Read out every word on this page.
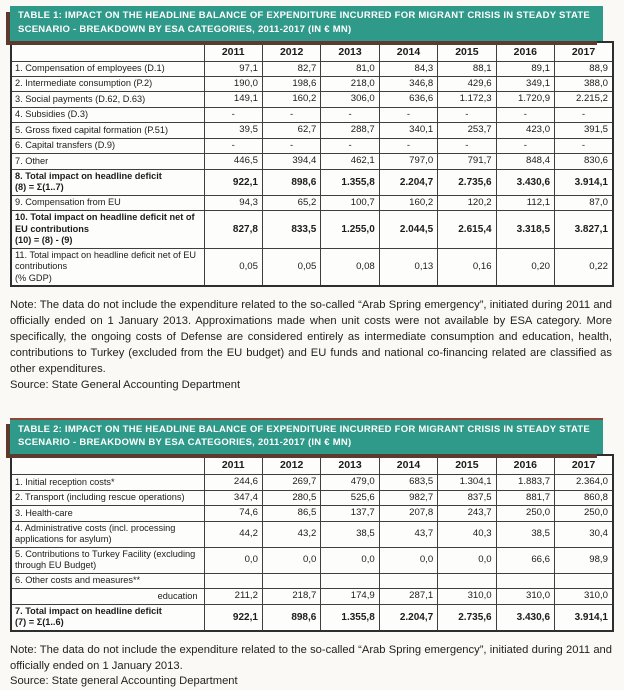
TABLE 1: IMPACT ON THE HEADLINE BALANCE OF EXPENDITURE INCURRED FOR MIGRANT CRISIS IN STEADY STATE SCENARIO - BREAKDOWN BY ESA CATEGORIES, 2011-2017 (IN € MN)
	2011	2012	2013	2014	2015	2016	2017

1. Compensation of employees (D.1)	97,1	82,7	81,0	84,3	88,1	89,1	88,9

2. Intermediate consumption (P.2)	190,0	198,6	218,0	346,8	429,6	349,1	388,0

3. Social payments (D.62, D.63)	149,1	160,2	306,0	636,6	1.172,3	1.720,9	2.215,2

4. Subsidies (D.3)	-	-	-	-	-	-	-

5. Gross fixed capital formation (P.51)	39,5	62,7	288,7	340,1	253,7	423,0	391,5

6. Capital transfers (D.9)	-	-	-	-	-	-	-

7. Other	446,5	394,4	462,1	797,0	791,7	848,4	830,6

8. Total impact on headline deficit
(8) = Σ(1..7)	922,1	898,6	1.355,8	2.204,7	2.735,6	3.430,6	3.914,1

9. Compensation from EU	94,3	65,2	100,7	160,2	120,2	112,1	87,0

10. Total impact on headline deficit net of
EU contributions
(10) = (8) - (9)	827,8	833,5	1.255,0	2.044,5	2.615,4	3.318,5	3.827,1

11. Total impact on headline deficit net of EU
contributions
(% GDP)	0,05	0,05	0,08	0,13	0,16	0,20	0,22

Note: The data do not include the expenditure related to the so-called “Arab Spring emergency”, initiated during 2011 and officially ended on 1 January 2013. Approximations made when unit costs were not available by ESA category. More specifically, the ongoing costs of Defense are considered entirely as intermediate consumption and education, health, contributions to Turkey (excluded from the EU budget) and EU funds and national co-financing related are classified as other expenditures.

Source: State General Accounting Department

TABLE 2: IMPACT ON THE HEADLINE BALANCE OF EXPENDITURE INCURRED FOR MIGRANT CRISIS IN STEADY STATE SCENARIO - BREAKDOWN BY ESA CATEGORIES, 2011-2017 (IN € MN)
	2011	2012	2013	2014	2015	2016	2017

1. Initial reception costs*	244,6	269,7	479,0	683,5	1.304,1	1.883,7	2.364,0

2. Transport (including rescue operations)	347,4	280,5	525,6	982,7	837,5	881,7	860,8

3. Health-care	74,6	86,5	137,7	207,8	243,7	250,0	250,0

4. Administrative costs (incl. processing
applications for asylum)	44,2	43,2	38,5	43,7	40,3	38,5	30,4

5. Contributions to Turkey Facility (excluding
through EU Budget)	0,0	0,0	0,0	0,0	0,0	66,6	98,9

6. Other costs and measures**							

education	211,2	218,7	174,9	287,1	310,0	310,0	310,0

7. Total impact on headline deficit
(7) = Σ(1..6)	922,1	898,6	1.355,8	2.204,7	2.735,6	3.430,6	3.914,1

Note: The data do not include the expenditure related to the so-called “Arab Spring emergency”, initiated during 2011 and officially ended on 1 January 2013.

Source: State general Accounting Department
